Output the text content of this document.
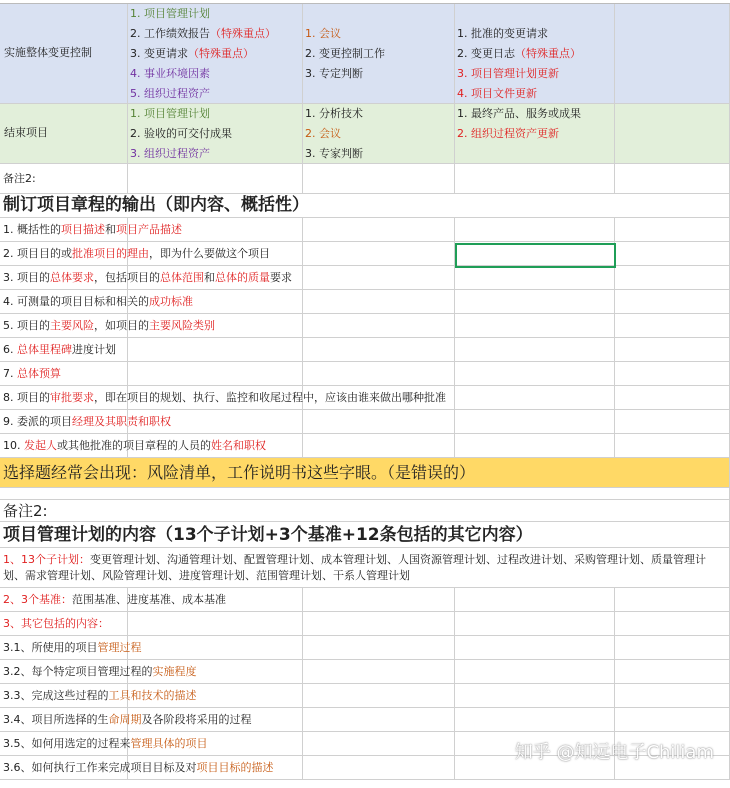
实施整体变更控制
1. 项目管理计划
2. 工作绩效报告（特殊重点）
3. 变更请求（特殊重点）
4. 事业环境因素
5. 组织过程资产
1. 会议
2. 变更控制工作
3. 专定判断
1. 批准的变更请求
2. 变更日志（特殊重点）
3. 项目管理计划更新
4. 项目文件更新
结束项目
1. 项目管理计划
2. 验收的可交付成果
3. 组织过程资产
1. 分析技术
2. 会议
3. 专家判断
1. 最终产品、服务或成果
2. 组织过程资产更新
备注2:
制订项目章程的输出（即内容、概括性）
1. 概括性的项目描述和项目产品描述
2. 项目目的或批准项目的理由，即为什么要做这个项目
3. 项目的总体要求，包括项目的总体范围和总体的质量要求
4. 可测量的项目目标和相关的成功标准
5. 项目的主要风险，如项目的主要风险类别
6. 总体里程碑进度计划
7. 总体预算
8. 项目的审批要求，即在项目的规划、执行、监控和收尾过程中，应该由谁来做出哪种批准
9. 委派的项目经理及其职责和职权
10. 发起人或其他批准的项目章程的人员的姓名和职权
选择题经常会出现：风险清单，工作说明书这些字眼。（是错误的）
备注2:
项目管理计划的内容（13个子计划+3个基准+12条包括的其它内容）
1、13个子计划：变更管理计划、沟通管理计划、配置管理计划、成本管理计划、人国资源管理计划、过程改进计划、采购管理计划、质量管理计划、需求管理计划、风险管理计划、进度管理计划、范围管理计划、干系人管理计划
2、3个基准：范围基准、进度基准、成本基准
3、其它包括的内容：
3.1、所使用的项目管理过程
3.2、每个特定项目管理过程的实施程度
3.3、完成这些过程的工具和技术的描述
3.4、项目所选择的生命周期及各阶段将采用的过程
3.5、如何用选定的过程来管理具体的项目
3.6、如何执行工作来完成项目目标及对项目目标的描述
知乎 @知远电子Chiliam
